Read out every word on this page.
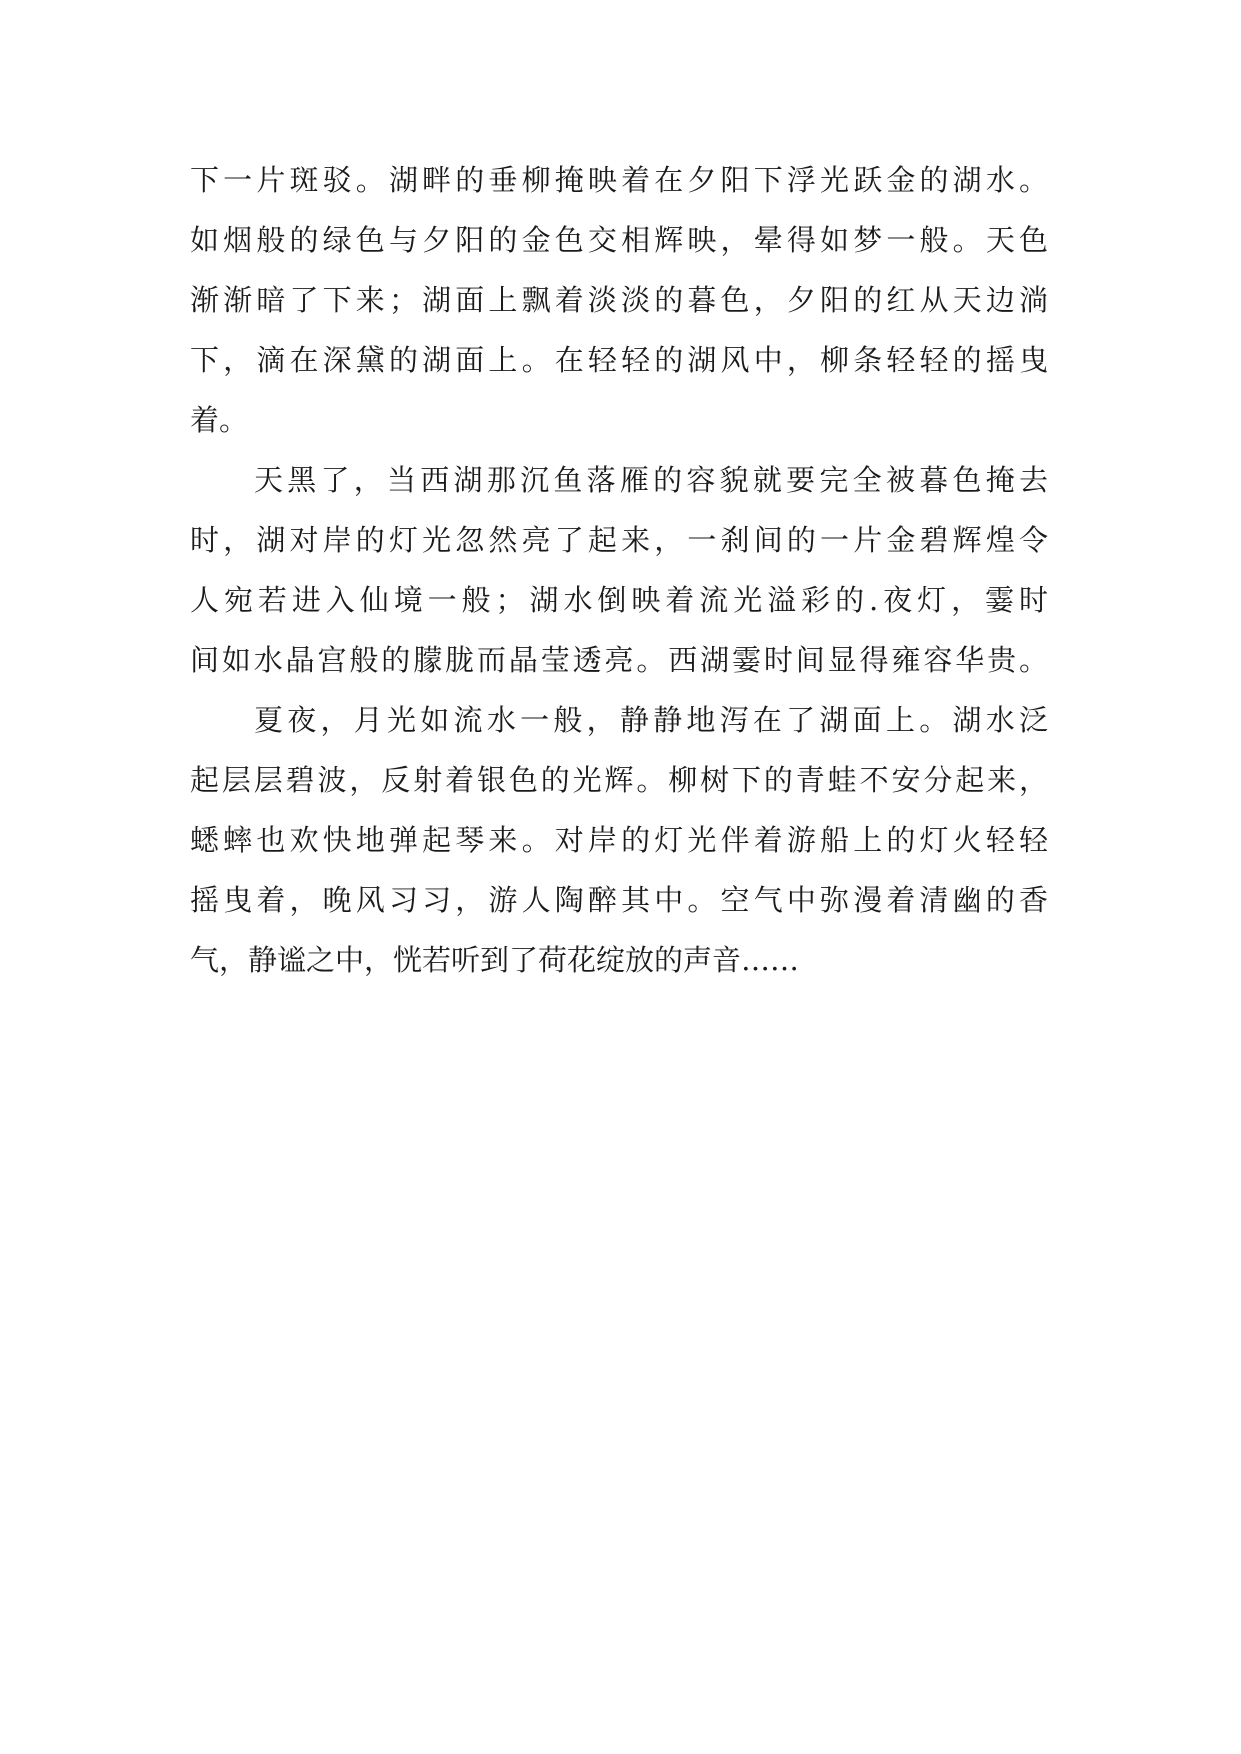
下一片斑驳。湖畔的垂柳掩映着在夕阳下浮光跃金的湖水。
如烟般的绿色与夕阳的金色交相辉映，晕得如梦一般。天色
渐渐暗了下来；湖面上飘着淡淡的暮色，夕阳的红从天边淌
下，滴在深黛的湖面上。在轻轻的湖风中，柳条轻轻的摇曳
着。
天黑了，当西湖那沉鱼落雁的容貌就要完全被暮色掩去
时，湖对岸的灯光忽然亮了起来，一刹间的一片金碧辉煌令
人宛若进入仙境一般；湖水倒映着流光溢彩的.夜灯，霎时
间如水晶宫般的朦胧而晶莹透亮。西湖霎时间显得雍容华贵。
夏夜，月光如流水一般，静静地泻在了湖面上。湖水泛
起层层碧波，反射着银色的光辉。柳树下的青蛙不安分起来，
蟋蟀也欢快地弹起琴来。对岸的灯光伴着游船上的灯火轻轻
摇曳着，晚风习习，游人陶醉其中。空气中弥漫着清幽的香
气，静谧之中，恍若听到了荷花绽放的声音……
